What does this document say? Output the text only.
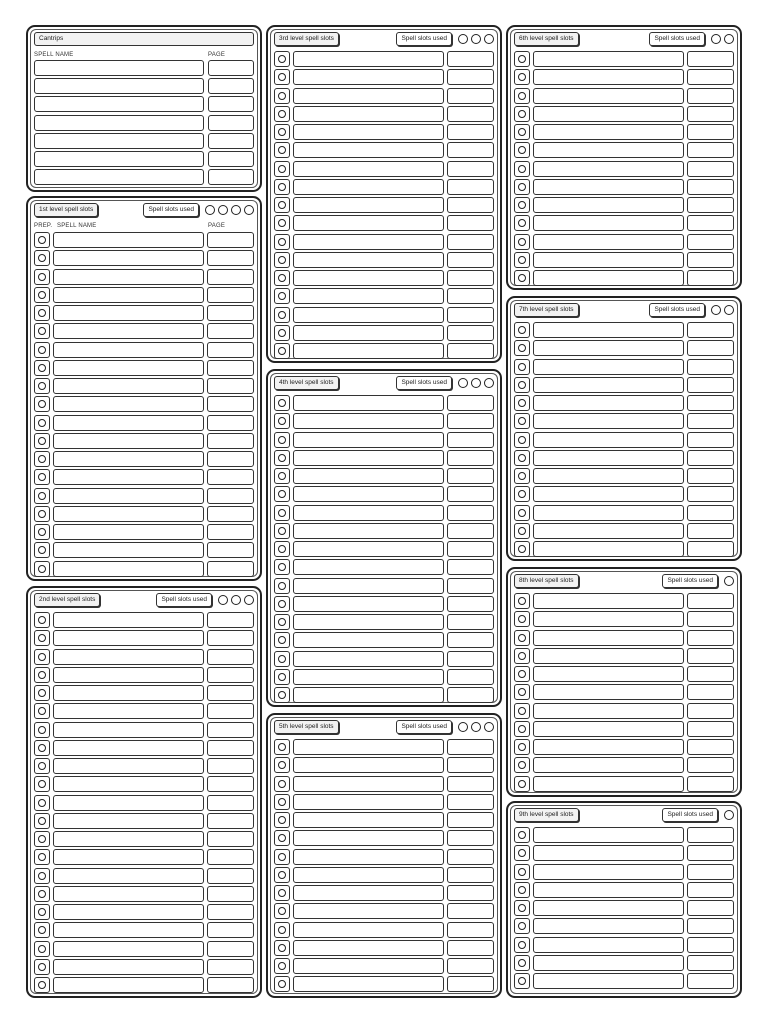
Cantrips
SPELL NAME	PAGE
1st level spell slots	Spell slots used
PREP. SPELL NAME	PAGE
2nd level spell slots	Spell slots used
3rd level spell slots	Spell slots used
4th level spell slots	Spell slots used
5th level spell slots	Spell slots used
6th level spell slots	Spell slots used
7th level spell slots	Spell slots used
8th level spell slots	Spell slots used
9th level spell slots	Spell slots used
